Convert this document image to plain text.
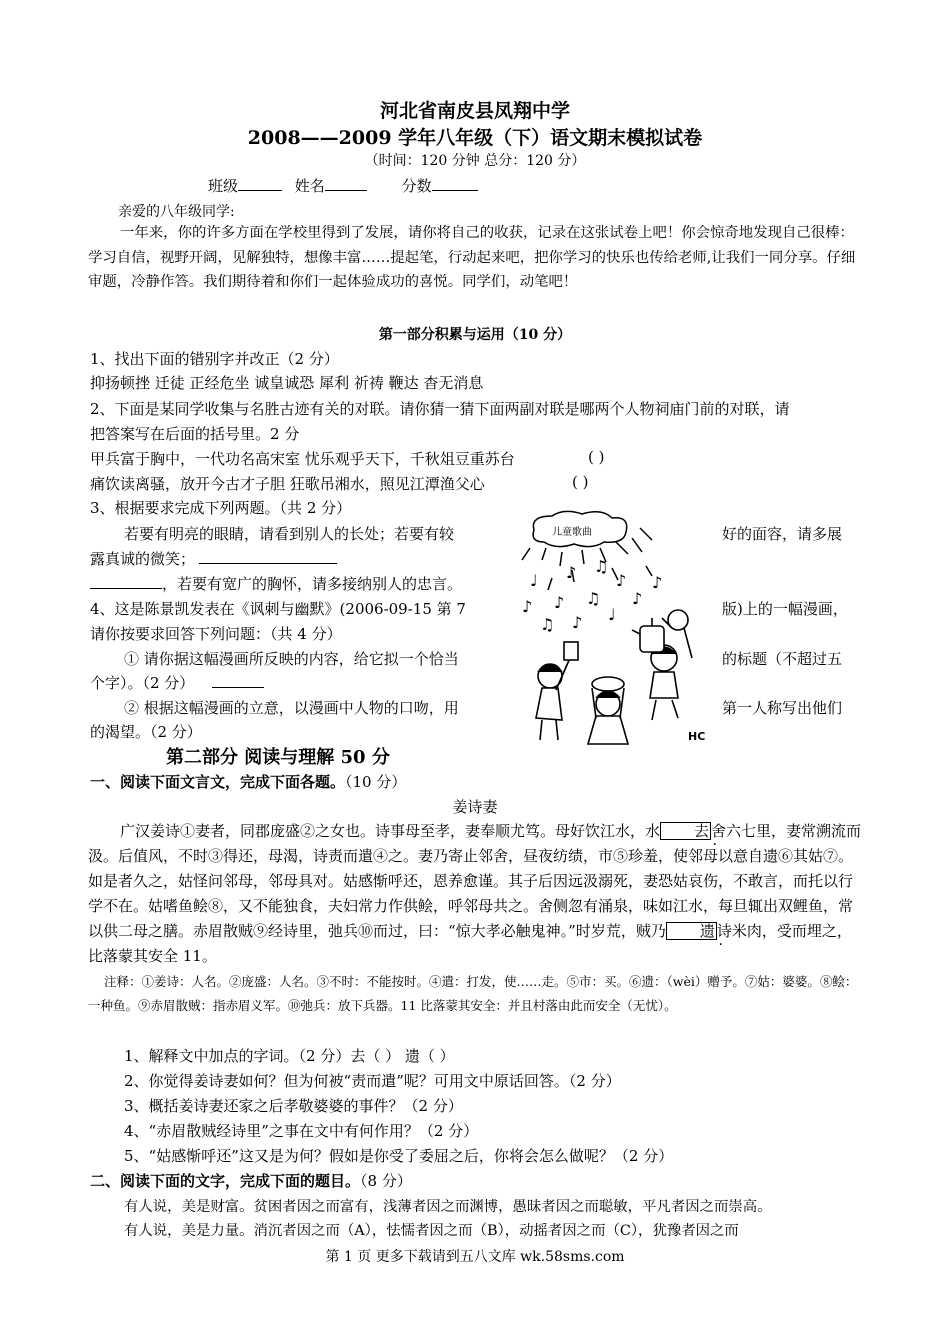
河北省南皮县凤翔中学
2008——2009 学年八年级（下）语文期末模拟试卷
（时间：120 分钟 总分：120 分）
班级	姓名	分数
亲爱的八年级同学:
一年来，你的许多方面在学校里得到了发展，请你将自己的收获，记录在这张试卷上吧！你会惊奇地发现自己很棒：学习自信，视野开阔，见解独特，想像丰富……提起笔，行动起来吧，把你学习的快乐也传给老师,让我们一同分享。仔细审题，冷静作答。我们期待着和你们一起体验成功的喜悦。同学们，动笔吧！
第一部分积累与运用（10 分）
1、找出下面的错别字并改正（2 分）
抑扬顿挫 迁徒 正经危坐 诚皇诚恐 犀利 祈祷 鞭达 杳无消息
2、下面是某同学收集与名胜古迹有关的对联。请你猜一猜下面两副对联是哪两个人物祠庙门前的对联，请
把答案写在后面的括号里。2 分
甲兵富于胸中，一代功名高宋室 忧乐观乎天下，千秋俎豆重苏台	( )
痛饮读离骚，放开今古才子胆 狂歌吊湘水，照见江潭渔父心	( )
3、根据要求完成下列两题。（共 2 分）
若要有明亮的眼睛，请看到别人的长处；若要有较	好的面容，请多展
露真诚的微笑；
，若要有宽广的胸怀，请多接纳别人的忠言。
4、这是陈景凯发表在《讽刺与幽默》(2006-09-15 第 7	版)上的一幅漫画，
请你按要求回答下列问题：（共 4 分）
① 请你据这幅漫画所反映的内容，给它拟一个恰当	的标题（不超过五
个字）。（2 分）
② 根据这幅漫画的立意，以漫画中人物的口吻，用	第一人称写出他们
的渴望。（2 分）
儿童歌曲
♪ ♫
♪
♩
♪ ♫ ♪
♫ ♪ ♩
♪
♪
HC
第二部分 阅读与理解 50 分
一、阅读下面文言文，完成下面各题。（10 分）
姜诗妻
广汉姜诗①妻者，同郡庞盛②之女也。诗事母至孝，妻奉顺尤笃。母好饮江水，水 去 舍六七里，妻常溯流而汲。后值风，不时③得还，母渴，诗责而遣④之。妻乃寄止邻舍，昼夜纺绩，市⑤珍羞，使邻母以意自遗⑥其姑⑦。如是者久之，姑怪问邻母，邻母具对。姑感惭呼还，恩养愈谨。其子后因远汲溺死，妻恐姑哀伤，不敢言，而托以行学不在。姑嗜鱼鲙⑧，又不能独食，夫妇常力作供鲙，呼邻母共之。舍侧忽有涌泉，味如江水，每旦辄出双鲤鱼，常以供二母之膳。赤眉散贼⑨经诗里，弛兵⑩而过，曰：“惊大孝必触鬼神。”时岁荒，贼乃 遗 诗米肉，受而埋之，比落蒙其安全 11。
注释：①姜诗：人名。②庞盛：人名。③不时：不能按时。④遣：打发，使……走。⑤市：买。⑥遗：（wèi）赠予。⑦姑：婆婆。⑧鲙：一种鱼。⑨赤眉散贼：指赤眉义军。⑩弛兵：放下兵器。11 比落蒙其安全：并且村落由此而安全（无忧）。
1、解释文中加点的字词。（2 分）去（ ） 遗（ ）
2、你觉得姜诗妻如何？但为何被“责而遣”呢？可用文中原话回答。（2 分）
3、概括姜诗妻还家之后孝敬婆婆的事件？（2 分）
4、“赤眉散贼经诗里”之事在文中有何作用？（2 分）
5、“姑感惭呼还”这又是为何？假如是你受了委屈之后，你将会怎么做呢？（2 分）
二、阅读下面的文字，完成下面的题目。（8 分）
有人说，美是财富。贫困者因之而富有，浅薄者因之而渊博，愚昧者因之而聪敏，平凡者因之而崇高。
有人说，美是力量。消沉者因之而（A），怯懦者因之而（B），动摇者因之而（C），犹豫者因之而
第 1 页 更多下载请到五八文库 wk.58sms.com
